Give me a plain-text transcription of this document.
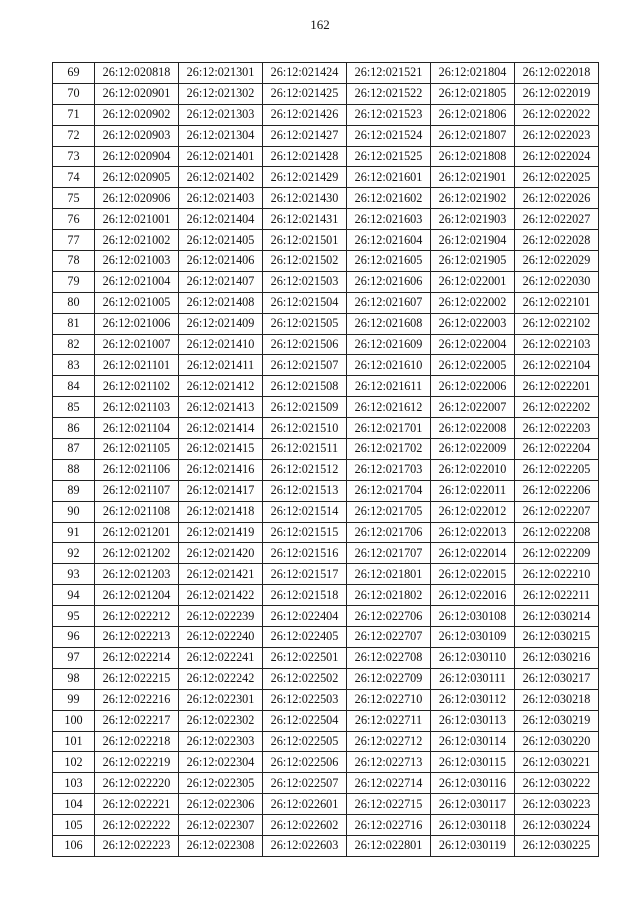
162
69	26:12:020818	26:12:021301	26:12:021424	26:12:021521	26:12:021804	26:12:022018
70	26:12:020901	26:12:021302	26:12:021425	26:12:021522	26:12:021805	26:12:022019
71	26:12:020902	26:12:021303	26:12:021426	26:12:021523	26:12:021806	26:12:022022
72	26:12:020903	26:12:021304	26:12:021427	26:12:021524	26:12:021807	26:12:022023
73	26:12:020904	26:12:021401	26:12:021428	26:12:021525	26:12:021808	26:12:022024
74	26:12:020905	26:12:021402	26:12:021429	26:12:021601	26:12:021901	26:12:022025
75	26:12:020906	26:12:021403	26:12:021430	26:12:021602	26:12:021902	26:12:022026
76	26:12:021001	26:12:021404	26:12:021431	26:12:021603	26:12:021903	26:12:022027
77	26:12:021002	26:12:021405	26:12:021501	26:12:021604	26:12:021904	26:12:022028
78	26:12:021003	26:12:021406	26:12:021502	26:12:021605	26:12:021905	26:12:022029
79	26:12:021004	26:12:021407	26:12:021503	26:12:021606	26:12:022001	26:12:022030
80	26:12:021005	26:12:021408	26:12:021504	26:12:021607	26:12:022002	26:12:022101
81	26:12:021006	26:12:021409	26:12:021505	26:12:021608	26:12:022003	26:12:022102
82	26:12:021007	26:12:021410	26:12:021506	26:12:021609	26:12:022004	26:12:022103
83	26:12:021101	26:12:021411	26:12:021507	26:12:021610	26:12:022005	26:12:022104
84	26:12:021102	26:12:021412	26:12:021508	26:12:021611	26:12:022006	26:12:022201
85	26:12:021103	26:12:021413	26:12:021509	26:12:021612	26:12:022007	26:12:022202
86	26:12:021104	26:12:021414	26:12:021510	26:12:021701	26:12:022008	26:12:022203
87	26:12:021105	26:12:021415	26:12:021511	26:12:021702	26:12:022009	26:12:022204
88	26:12:021106	26:12:021416	26:12:021512	26:12:021703	26:12:022010	26:12:022205
89	26:12:021107	26:12:021417	26:12:021513	26:12:021704	26:12:022011	26:12:022206
90	26:12:021108	26:12:021418	26:12:021514	26:12:021705	26:12:022012	26:12:022207
91	26:12:021201	26:12:021419	26:12:021515	26:12:021706	26:12:022013	26:12:022208
92	26:12:021202	26:12:021420	26:12:021516	26:12:021707	26:12:022014	26:12:022209
93	26:12:021203	26:12:021421	26:12:021517	26:12:021801	26:12:022015	26:12:022210
94	26:12:021204	26:12:021422	26:12:021518	26:12:021802	26:12:022016	26:12:022211
95	26:12:022212	26:12:022239	26:12:022404	26:12:022706	26:12:030108	26:12:030214
96	26:12:022213	26:12:022240	26:12:022405	26:12:022707	26:12:030109	26:12:030215
97	26:12:022214	26:12:022241	26:12:022501	26:12:022708	26:12:030110	26:12:030216
98	26:12:022215	26:12:022242	26:12:022502	26:12:022709	26:12:030111	26:12:030217
99	26:12:022216	26:12:022301	26:12:022503	26:12:022710	26:12:030112	26:12:030218
100	26:12:022217	26:12:022302	26:12:022504	26:12:022711	26:12:030113	26:12:030219
101	26:12:022218	26:12:022303	26:12:022505	26:12:022712	26:12:030114	26:12:030220
102	26:12:022219	26:12:022304	26:12:022506	26:12:022713	26:12:030115	26:12:030221
103	26:12:022220	26:12:022305	26:12:022507	26:12:022714	26:12:030116	26:12:030222
104	26:12:022221	26:12:022306	26:12:022601	26:12:022715	26:12:030117	26:12:030223
105	26:12:022222	26:12:022307	26:12:022602	26:12:022716	26:12:030118	26:12:030224
106	26:12:022223	26:12:022308	26:12:022603	26:12:022801	26:12:030119	26:12:030225
